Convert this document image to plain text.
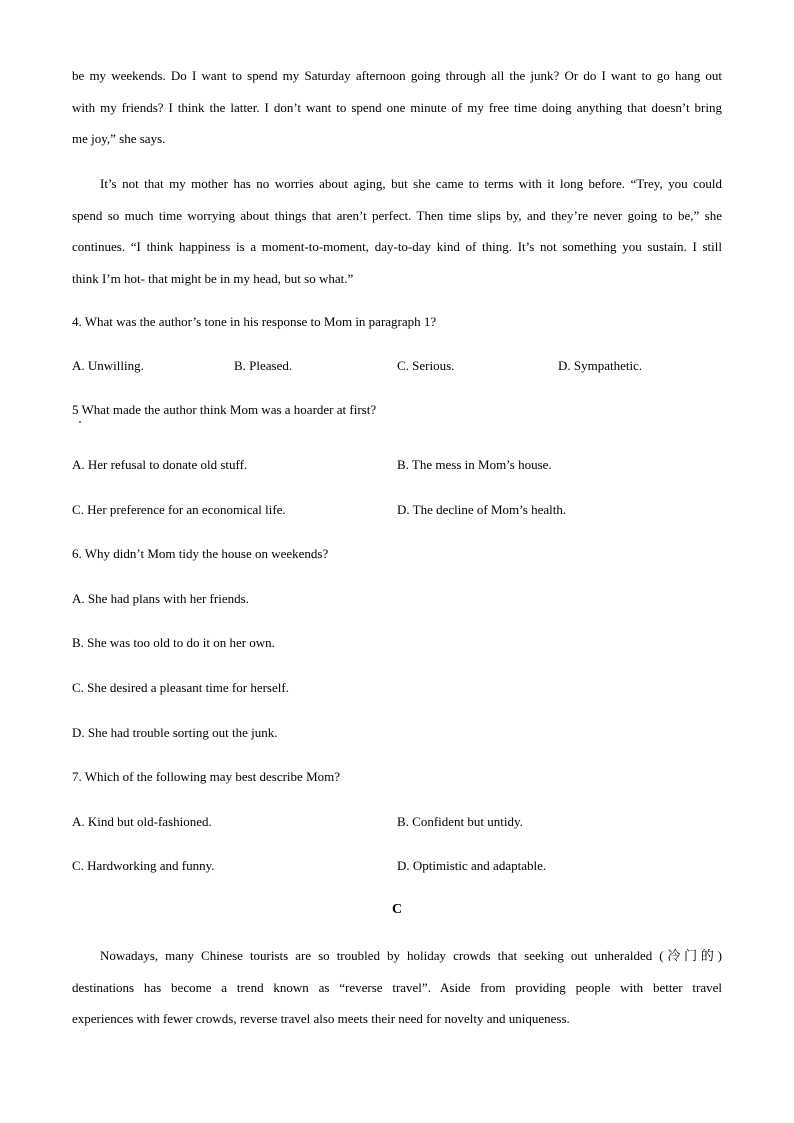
be my weekends. Do I want to spend my Saturday afternoon going through all the junk? Or do I want to go hang out
with my friends? I think the latter. I don’t want to spend one minute of my free time doing anything that doesn’t bring
me joy,” she says.
It’s not that my mother has no worries about aging, but she came to terms with it long before. “Trey, you could
spend so much time worrying about things that aren’t perfect. Then time slips by, and they’re never going to be,” she
continues. “I think happiness is a moment-to-moment, day-to-day kind of thing. It’s not something you sustain. I still
think I’m hot- that might be in my head, but so what.”
4. What was the author’s tone in his response to Mom in paragraph 1?
A. Unwilling.	B. Pleased.	C. Serious.	D. Sympathetic.
5 What made the author think Mom was a hoarder at first?
A. Her refusal to donate old stuff.	B. The mess in Mom’s house.
C. Her preference for an economical life.	D. The decline of Mom’s health.
6. Why didn’t Mom tidy the house on weekends?
A. She had plans with her friends.
B. She was too old to do it on her own.
C. She desired a pleasant time for herself.
D. She had trouble sorting out the junk.
7. Which of the following may best describe Mom?
A. Kind but old-fashioned.	B. Confident but untidy.
C. Hardworking and funny.	D. Optimistic and adaptable.
C
Nowadays, many Chinese tourists are so troubled by holiday crowds that seeking out unheralded (冷门的)
destinations has become a trend known as “reverse travel”. Aside from providing people with better travel
experiences with fewer crowds, reverse travel also meets their need for novelty and uniqueness.
